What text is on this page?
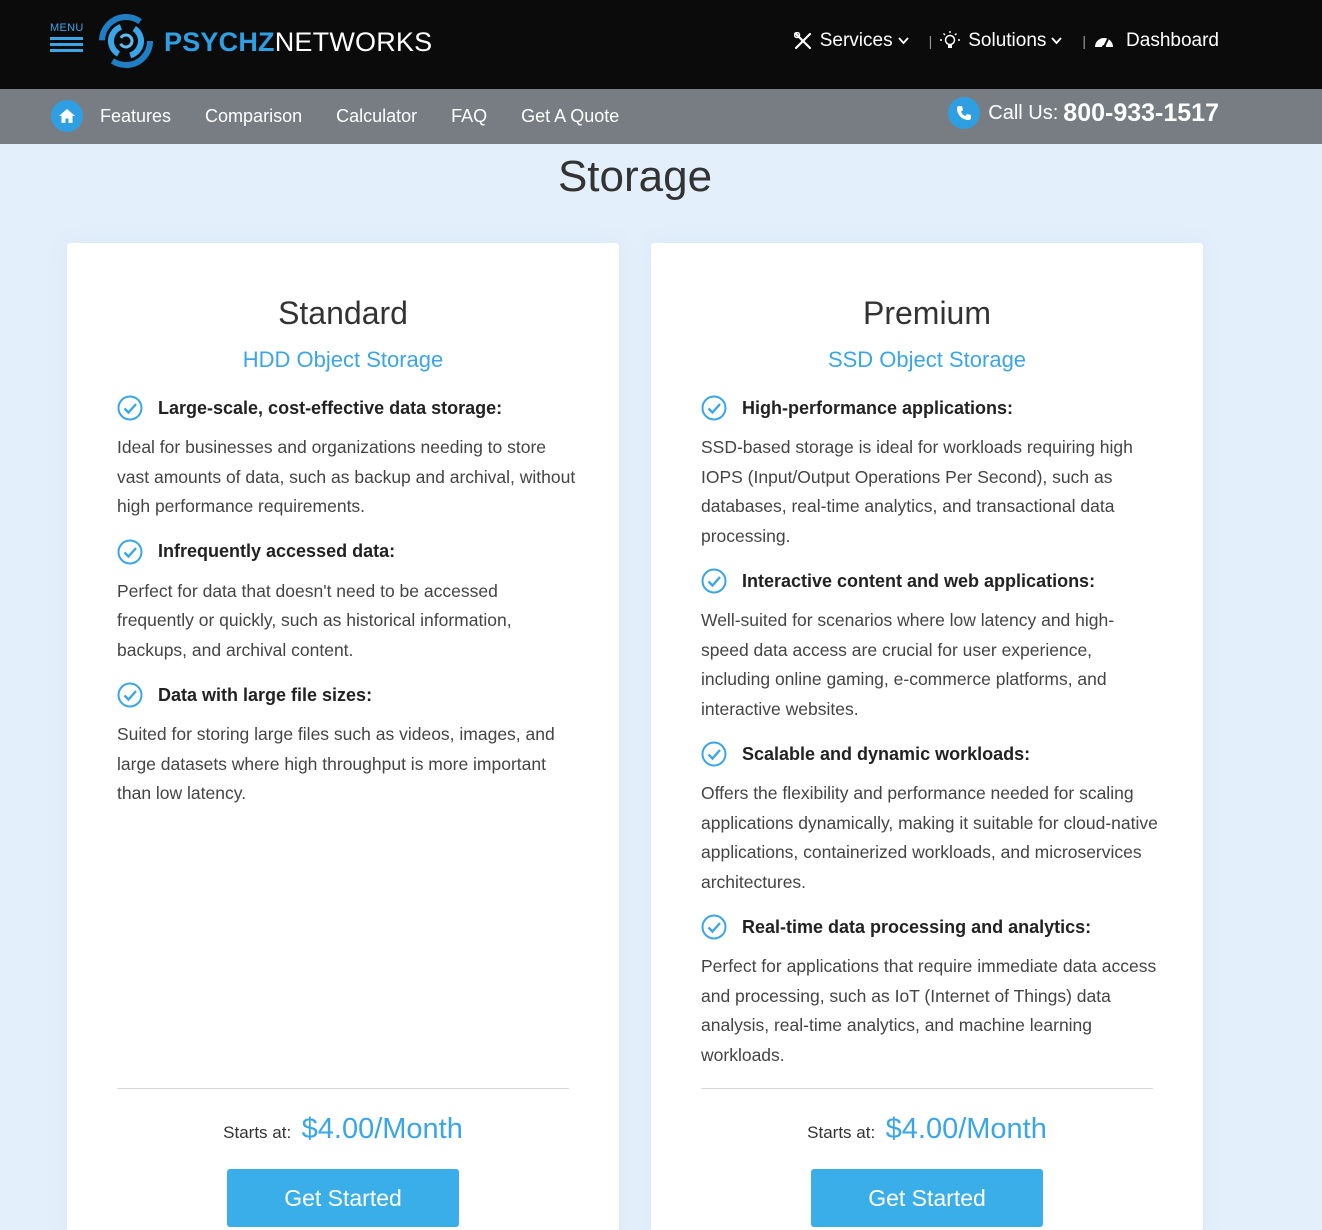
MENU	PSYCHZNETWORKS	Services	| Solutions	| Dashboard
Features Comparison Calculator FAQ Get A Quote	Call Us: 800-933-1517
Storage
Standard
HDD Object Storage
Large-scale, cost-effective data storage:

Ideal for businesses and organizations needing to store vast amounts of data, such as backup and archival, without high performance requirements.

Infrequently accessed data:

Perfect for data that doesn't need to be accessed frequently or quickly, such as historical information, backups, and archival content.

Data with large file sizes:

Suited for storing large files such as videos, images, and large datasets where high throughput is more important than low latency.

Starts at: $4.00/Month
Get Started
Premium
SSD Object Storage
High-performance applications:

SSD-based storage is ideal for workloads requiring high IOPS (Input/Output Operations Per Second), such as databases, real-time analytics, and transactional data processing.

Interactive content and web applications:

Well-suited for scenarios where low latency and high-speed data access are crucial for user experience, including online gaming, e-commerce platforms, and interactive websites.

Scalable and dynamic workloads:

Offers the flexibility and performance needed for scaling applications dynamically, making it suitable for cloud-native applications, containerized workloads, and microservices architectures.

Real-time data processing and analytics:

Perfect for applications that require immediate data access and processing, such as IoT (Internet of Things) data analysis, real-time analytics, and machine learning workloads.

Starts at: $4.00/Month
Get Started
